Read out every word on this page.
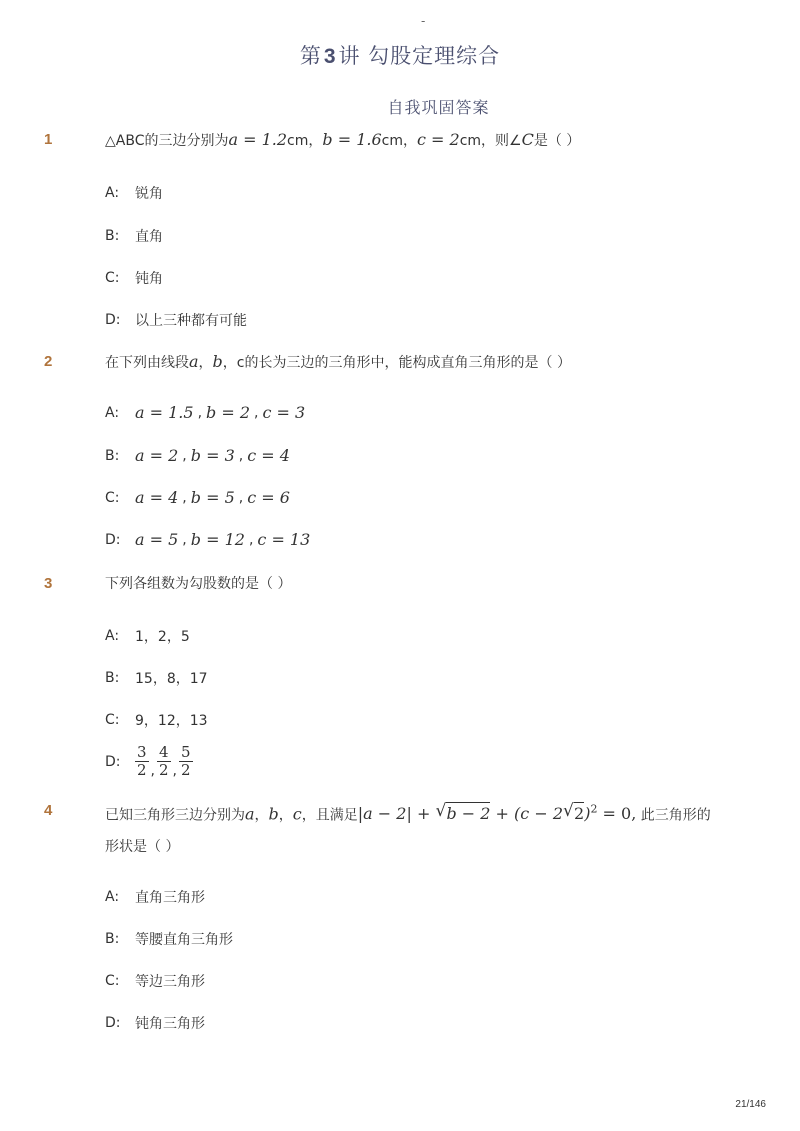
-
第3讲 勾股定理综合
自我巩固答案
1	△ABC的三边分别为a = 1.2cm，b = 1.6cm，c = 2cm，则∠C是（ ）
A:	锐角
B:	直角
C:	钝角
D:	以上三种都有可能
2	在下列由线段a，b，c的长为三边的三角形中，能构成直角三角形的是（ ）
A: a = 1.5 , b = 2 , c = 3
B: a = 2 , b = 3 , c = 4
C: a = 4 , b = 5 , c = 6
D: a = 5 , b = 12 , c = 13
3	下列各组数为勾股数的是（ ）
A:	1，2，5
B:	15，8，17
C:	9，12，13
D: $\frac{3}{2}$ , $\frac{4}{2}$ , $\frac{5}{2}$
4	已知三角形三边分别为a，b，c，且满足|a − 2| + √ b − 2 + (c − 2 √ 2)$^2$ = 0, 此三角形的
形状是（ ）
A:	直角三角形
B:	等腰直角三角形
C:	等边三角形
D:	钝角三角形
21/146
